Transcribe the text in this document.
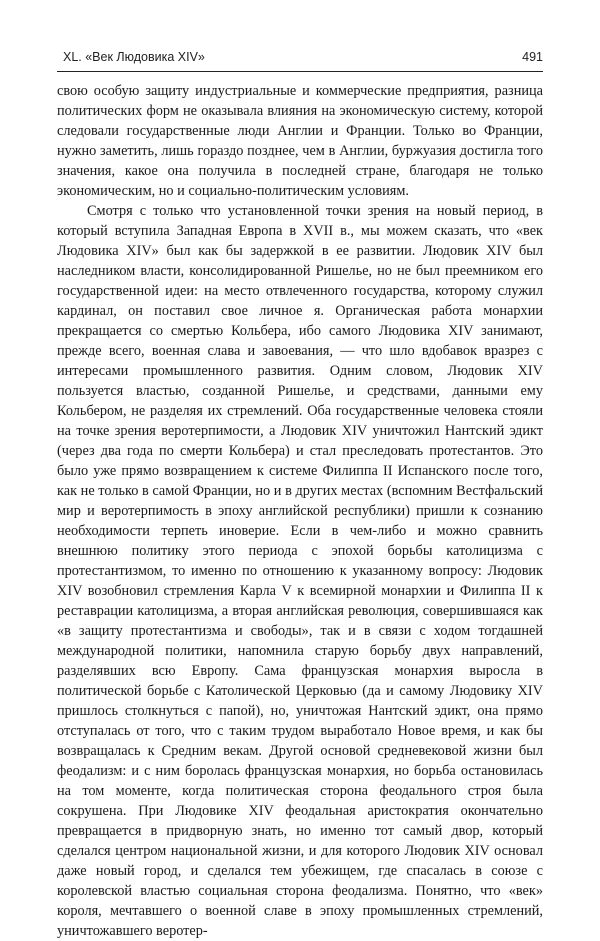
XL. «Век Людовика XIV»	491

свою особую защиту индустриальные и коммерческие предприятия, разница политических форм не оказывала влияния на экономическую систему, которой следовали государственные люди Англии и Франции. Только во Франции, нужно заметить, лишь гораздо позднее, чем в Англии, буржуазия достигла того значения, какое она получила в последней стране, благодаря не только экономическим, но и социально-политическим условиям.

Смотря с только что установленной точки зрения на новый период, в который вступила Западная Европа в XVII в., мы можем сказать, что «век Людовика XIV» был как бы задержкой в ее развитии. Людовик XIV был наследником власти, консолидированной Ришелье, но не был преемником его государственной идеи: на место отвлеченного государства, которому служил кардинал, он поставил свое личное я. Органическая работа монархии прекращается со смертью Кольбера, ибо самого Людовика XIV занимают, прежде всего, военная слава и завоевания, — что шло вдобавок вразрез с интересами промышленного развития. Одним словом, Людовик XIV пользуется властью, созданной Ришелье, и средствами, данными ему Кольбером, не разделяя их стремлений. Оба государственные человека стояли на точке зрения веротерпимости, а Людовик XIV уничтожил Нантский эдикт (через два года по смерти Кольбера) и стал преследовать протестантов. Это было уже прямо возвращением к системе Филиппа II Испанского после того, как не только в самой Франции, но и в других местах (вспомним Вестфальский мир и веротерпимость в эпоху английской республики) пришли к сознанию необходимости терпеть иноверие. Если в чем-либо и можно сравнить внешнюю политику этого периода с эпохой борьбы католицизма с протестантизмом, то именно по отношению к указанному вопросу: Людовик XIV возобновил стремления Карла V к всемирной монархии и Филиппа II к реставрации католицизма, а вторая английская революция, совершившаяся как «в защиту протестантизма и свободы», так и в связи с ходом тогдашней международной политики, напомнила старую борьбу двух направлений, разделявших всю Европу. Сама французская монархия выросла в политической борьбе с Католической Церковью (да и самому Людовику XIV пришлось столкнуться с папой), но, уничтожая Нантский эдикт, она прямо отступалась от того, что с таким трудом выработало Новое время, и как бы возвращалась к Средним векам. Другой основой средневековой жизни был феодализм: и с ним боролась французская монархия, но борьба остановилась на том моменте, когда политическая сторона феодального строя была сокрушена. При Людовике XIV феодальная аристократия окончательно превращается в придворную знать, но именно тот самый двор, который сделался центром национальной жизни, и для которого Людовик XIV основал даже новый город, и сделался тем убежищем, где спасалась в союзе с королевской властью социальная сторона феодализма. Понятно, что «век» короля, мечтавшего о военной славе в эпоху промышленных стремлений, уничтожавшего веротер-
